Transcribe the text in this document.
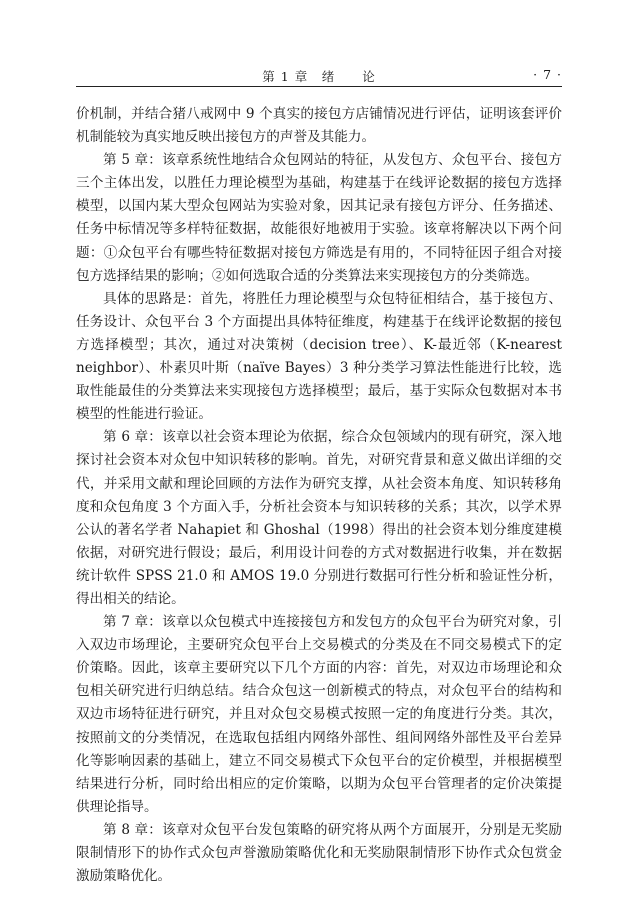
第 1 章　绪　　论	· 7 ·

价机制，并结合猪八戒网中 9 个真实的接包方店铺情况进行评估，证明该套评价机制能较为真实地反映出接包方的声誉及其能力。

第 5 章：该章系统性地结合众包网站的特征，从发包方、众包平台、接包方三个主体出发，以胜任力理论模型为基础，构建基于在线评论数据的接包方选择模型，以国内某大型众包网站为实验对象，因其记录有接包方评分、任务描述、任务中标情况等多样特征数据，故能很好地被用于实验。该章将解决以下两个问题：①众包平台有哪些特征数据对接包方筛选是有用的，不同特征因子组合对接包方选择结果的影响；②如何选取合适的分类算法来实现接包方的分类筛选。

具体的思路是：首先，将胜任力理论模型与众包特征相结合，基于接包方、任务设计、众包平台 3 个方面提出具体特征维度，构建基于在线评论数据的接包方选择模型；其次，通过对决策树（decision tree）、K-最近邻（K-nearest neighbor）、朴素贝叶斯（naïve Bayes）3 种分类学习算法性能进行比较，选取性能最佳的分类算法来实现接包方选择模型；最后，基于实际众包数据对本书模型的性能进行验证。

第 6 章：该章以社会资本理论为依据，综合众包领域内的现有研究，深入地探讨社会资本对众包中知识转移的影响。首先，对研究背景和意义做出详细的交代，并采用文献和理论回顾的方法作为研究支撑，从社会资本角度、知识转移角度和众包角度 3 个方面入手，分析社会资本与知识转移的关系；其次，以学术界公认的著名学者 Nahapiet 和 Ghoshal（1998）得出的社会资本划分维度建模依据，对研究进行假设；最后，利用设计问卷的方式对数据进行收集，并在数据统计软件 SPSS 21.0 和 AMOS 19.0 分别进行数据可行性分析和验证性分析，得出相关的结论。

第 7 章：该章以众包模式中连接接包方和发包方的众包平台为研究对象，引入双边市场理论，主要研究众包平台上交易模式的分类及在不同交易模式下的定价策略。因此，该章主要研究以下几个方面的内容：首先，对双边市场理论和众包相关研究进行归纳总结。结合众包这一创新模式的特点，对众包平台的结构和双边市场特征进行研究，并且对众包交易模式按照一定的角度进行分类。其次，按照前文的分类情况，在选取包括组内网络外部性、组间网络外部性及平台差异化等影响因素的基础上，建立不同交易模式下众包平台的定价模型，并根据模型结果进行分析，同时给出相应的定价策略，以期为众包平台管理者的定价决策提供理论指导。

第 8 章：该章对众包平台发包策略的研究将从两个方面展开，分别是无奖励限制情形下的协作式众包声誉激励策略优化和无奖励限制情形下协作式众包赏金激励策略优化。
